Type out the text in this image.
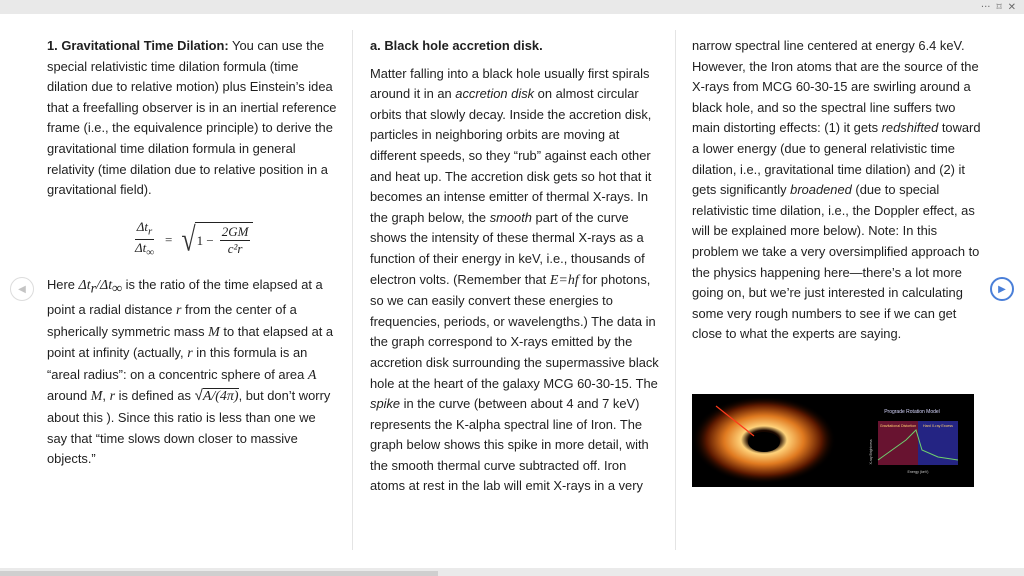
··· ⌑ ✕
◀	▶

1. Gravitational Time Dilation: You can use the special relativistic time dilation formula (time dilation due to relative motion) plus Einstein’s idea that a freefalling observer is in an inertial reference frame (i.e., the equivalence principle) to derive the gravitational time dilation formula in general relativity (time dilation due to relative position in a gravitational field).

$\frac{\Delta t_r}{\Delta t_\infty}$ = √ $1 - \frac{2GM}{\text{c²r}}$

Here $\Delta t_r/\Delta t_\infty$ is the ratio of the time elapsed at a point a radial distance r from the center of a spherically symmetric mass M to that elapsed at a point at infinity (actually, r in this formula is an “areal radius”: on a concentric sphere of area A around M, r is defined as √A/(4π), but don’t worry about this ). Since this ratio is less than one we say that “time slows down closer to massive objects.”

a. Black hole accretion disk.

Matter falling into a black hole usually first spirals around it in an accretion disk on almost circular orbits that slowly decay. Inside the accretion disk, particles in neighboring orbits are moving at different speeds, so they “rub” against each other and heat up. The accretion disk gets so hot that it becomes an intense emitter of thermal X-rays. In the graph below, the smooth part of the curve shows the intensity of these thermal X-rays as a function of their energy in keV, i.e., thousands of electron volts. (Remember that E=hf for photons, so we can easily convert these energies to frequencies, periods, or wavelengths.) The data in the graph correspond to X-rays emitted by the accretion disk surrounding the supermassive black hole at the heart of the galaxy MCG 60-30-15. The spike in the curve (between about 4 and 7 keV) represents the K-alpha spectral line of Iron. The graph below shows this spike in more detail, with the smooth thermal curve subtracted off. Iron atoms at rest in the lab will emit X-rays in a very

narrow spectral line centered at energy 6.4 keV. However, the Iron atoms that are the source of the X-rays from MCG 60-30-15 are swirling around a black hole, and so the spectral line suffers two main distorting effects: (1) it gets redshifted toward a lower energy (due to general relativistic time dilation, i.e., gravitational time dilation) and (2) it gets significantly broadened (due to special relativistic time dilation, i.e., the Doppler effect, as will be explained more below). Note: In this problem we take a very oversimplified approach to the physics happening here—there’s a lot more going on, but we’re just interested in calculating some very rough numbers to see if we can get close to what the experts are saying.

Prograde Rotation Model
Gravitational Distortion Hard X-ray Excess
Energy (keV)
X-ray Brightness
